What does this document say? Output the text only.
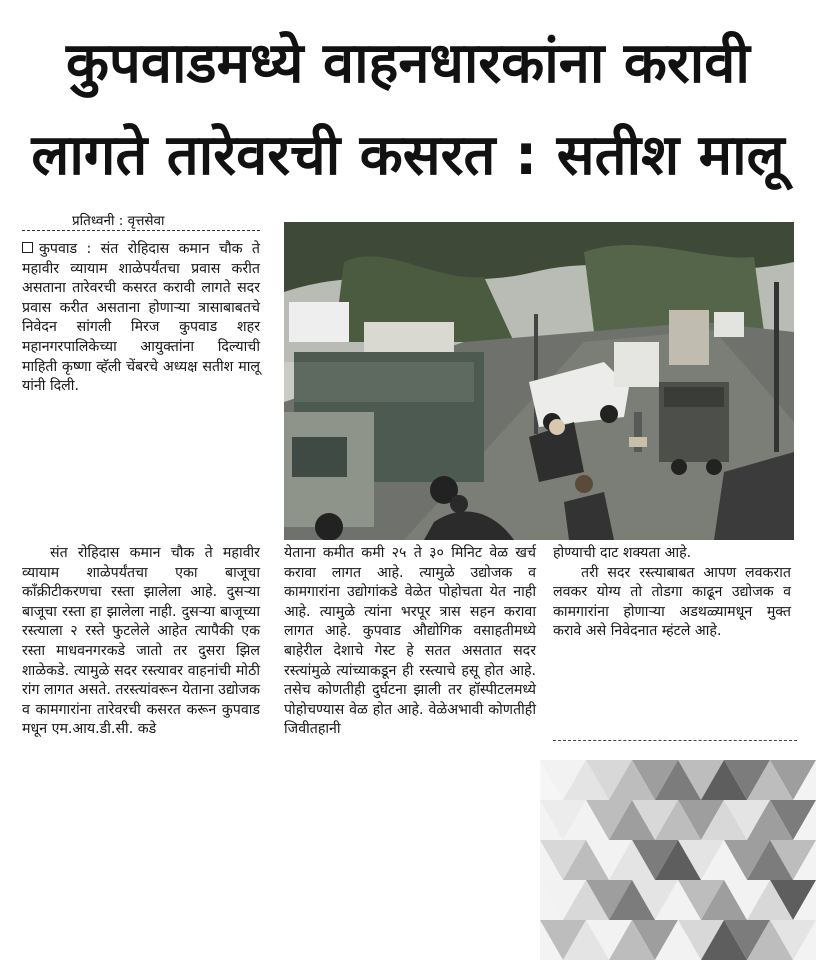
कुपवाडमध्ये वाहनधारकांना करावी
लागते तारेवरची कसरत : सतीश मालू
प्रतिध्वनी : वृत्तसेवा

कुपवाड : संत रोहिदास कमान चौक ते महावीर व्यायाम शाळेपर्यंतचा प्रवास करीत असताना तारेवरची कसरत करावी लागते सदर प्रवास करीत असताना होणाऱ्या त्रासाबाबतचे निवेदन सांगली मिरज कुपवाड शहर महानगरपालिकेच्या आयुक्तांना दिल्याची माहिती कृष्णा व्हॅली चेंबरचे अध्यक्ष सतीश मालू यांनी दिली.

संत रोहिदास कमान चौक ते महावीर व्यायाम शाळेपर्यंतचा एका बाजूचा कॉंक्रीटीकरणचा रस्ता झालेला आहे. दुसऱ्या बाजूचा रस्ता हा झालेला नाही. दुसऱ्या बाजूच्या रस्त्याला २ रस्ते फुटलेले आहेत त्यापैकी एक रस्ता माधवनगरकडे जातो तर दुसरा झिल शाळेकडे. त्यामुळे सदर रस्त्यावर वाहनांची मोठी रांग लागत असते. तरस्त्यांवरून येताना उद्योजक व कामगारांना तारेवरची कसरत करून कुपवाड मधून एम.आय.डी.सी. कडे

येताना कमीत कमी २५ ते ३० मिनिट वेळ खर्च करावा लागत आहे. त्यामुळे उद्योजक व कामगारांना उद्योगांकडे वेळेत पोहोचता येत नाही आहे. त्यामुळे त्यांना भरपूर त्रास सहन करावा लागत आहे. कुपवाड औद्योगिक वसाहतीमध्ये बाहेरील देशाचे गेस्ट हे सतत असतात सदर रस्त्यांमुळे त्यांच्याकडून ही रस्त्याचे हसू होत आहे. तसेच कोणतीही दुर्घटना झाली तर हॉस्पीटलमध्ये पोहोचण्यास वेळ होत आहे. वेळेअभावी कोणतीही जिवीतहानी

होण्याची दाट शक्यता आहे.

तरी सदर रस्त्याबाबत आपण लवकरात लवकर योग्य तो तोडगा काढून उद्योजक व कामगारांना होणाऱ्या अडथळ्यामधून मुक्त करावे असे निवेदनात म्हंटले आहे.
